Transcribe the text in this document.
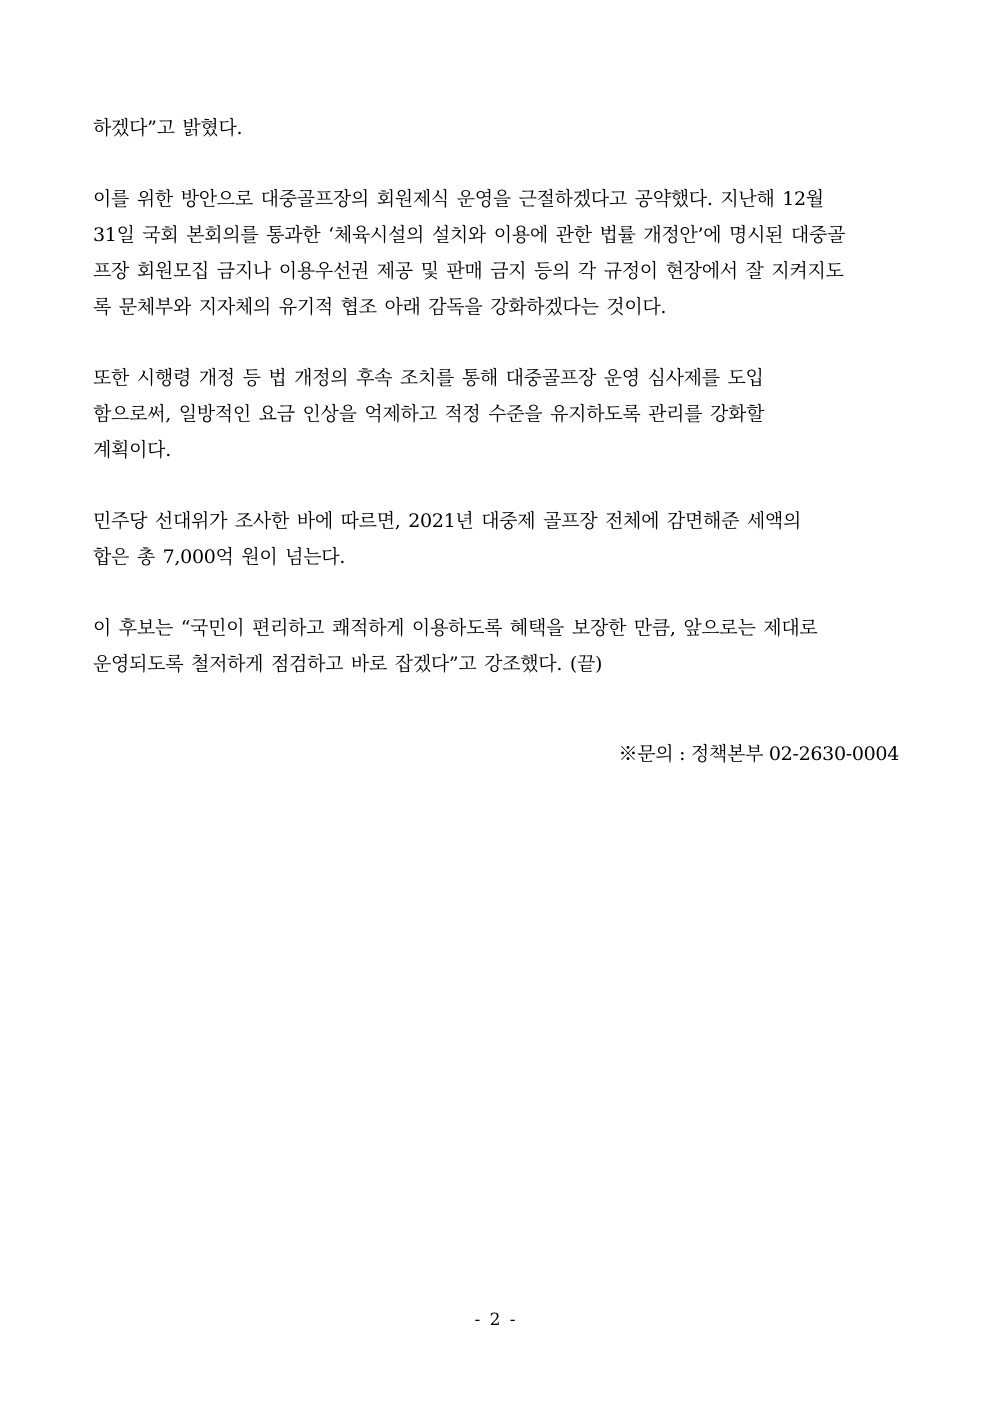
하겠다”고 밝혔다.

이를 위한 방안으로 대중골프장의 회원제식 운영을 근절하겠다고 공약했다. 지난해 12월
31일 국회 본회의를 통과한 ‘체육시설의 설치와 이용에 관한 법률 개정안’에 명시된 대중골
프장 회원모집 금지나 이용우선권 제공 및 판매 금지 등의 각 규정이 현장에서 잘 지켜지도
록 문체부와 지자체의 유기적 협조 아래 감독을 강화하겠다는 것이다.

또한 시행령 개정 등 법 개정의 후속 조치를 통해 대중골프장 운영 심사제를 도입
함으로써, 일방적인 요금 인상을 억제하고 적정 수준을 유지하도록 관리를 강화할
계획이다.

민주당 선대위가 조사한 바에 따르면, 2021년 대중제 골프장 전체에 감면해준 세액의
합은 총 7,000억 원이 넘는다.

이 후보는 “국민이 편리하고 쾌적하게 이용하도록 혜택을 보장한 만큼, 앞으로는 제대로
운영되도록 철저하게 점검하고 바로 잡겠다”고 강조했다. (끝)

※문의 : 정책본부 02-2630-0004
- 2 -
